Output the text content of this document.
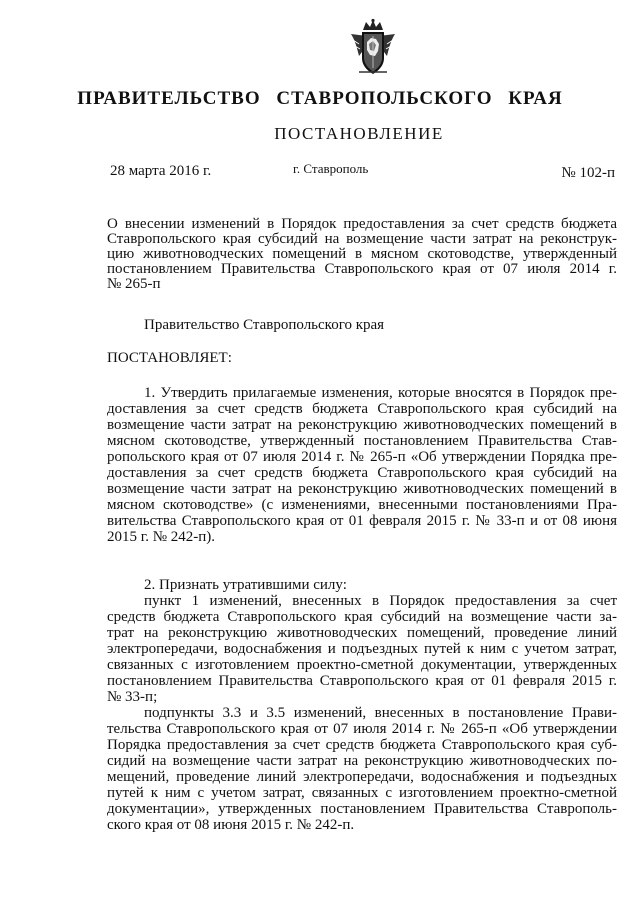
ПРАВИТЕЛЬСТВО СТАВРОПОЛЬСКОГО КРАЯ
ПОСТАНОВЛЕНИЕ
28 марта 2016 г.	г. Ставрополь	№ 102-п
О внесении изменений в Порядок предоставления за счет средств бюджета
Ставропольского края субсидий на возмещение части затрат на реконструк-
цию животноводческих помещений в мясном скотоводстве, утвержденный
постановлением Правительства Ставропольского края от 07 июля 2014 г.
№ 265-п
Правительство Ставропольского края
ПОСТАНОВЛЯЕТ:
1. Утвердить прилагаемые изменения, которые вносятся в Порядок пре-
доставления за счет средств бюджета Ставропольского края субсидий на
возмещение части затрат на реконструкцию животноводческих помещений в
мясном скотоводстве, утвержденный постановлением Правительства Став-
ропольского края от 07 июля 2014 г. № 265-п «Об утверждении Порядка пре-
доставления за счет средств бюджета Ставропольского края субсидий на
возмещение части затрат на реконструкцию животноводческих помещений в
мясном скотоводстве» (с изменениями, внесенными постановлениями Пра-
вительства Ставропольского края от 01 февраля 2015 г. № 33-п и от 08 июня
2015 г. № 242-п).
2. Признать утратившими силу:
пункт 1 изменений, внесенных в Порядок предоставления за счет
средств бюджета Ставропольского края субсидий на возмещение части за-
трат на реконструкцию животноводческих помещений, проведение линий
электропередачи, водоснабжения и подъездных путей к ним с учетом затрат,
связанных с изготовлением проектно-сметной документации, утвержденных
постановлением Правительства Ставропольского края от 01 февраля 2015 г.
№ 33-п;
подпункты 3.3 и 3.5 изменений, внесенных в постановление Прави-
тельства Ставропольского края от 07 июля 2014 г. № 265-п «Об утверждении
Порядка предоставления за счет средств бюджета Ставропольского края суб-
сидий на возмещение части затрат на реконструкцию животноводческих по-
мещений, проведение линий электропередачи, водоснабжения и подъездных
путей к ним с учетом затрат, связанных с изготовлением проектно-сметной
документации», утвержденных постановлением Правительства Ставрополь-
ского края от 08 июня 2015 г. № 242-п.
